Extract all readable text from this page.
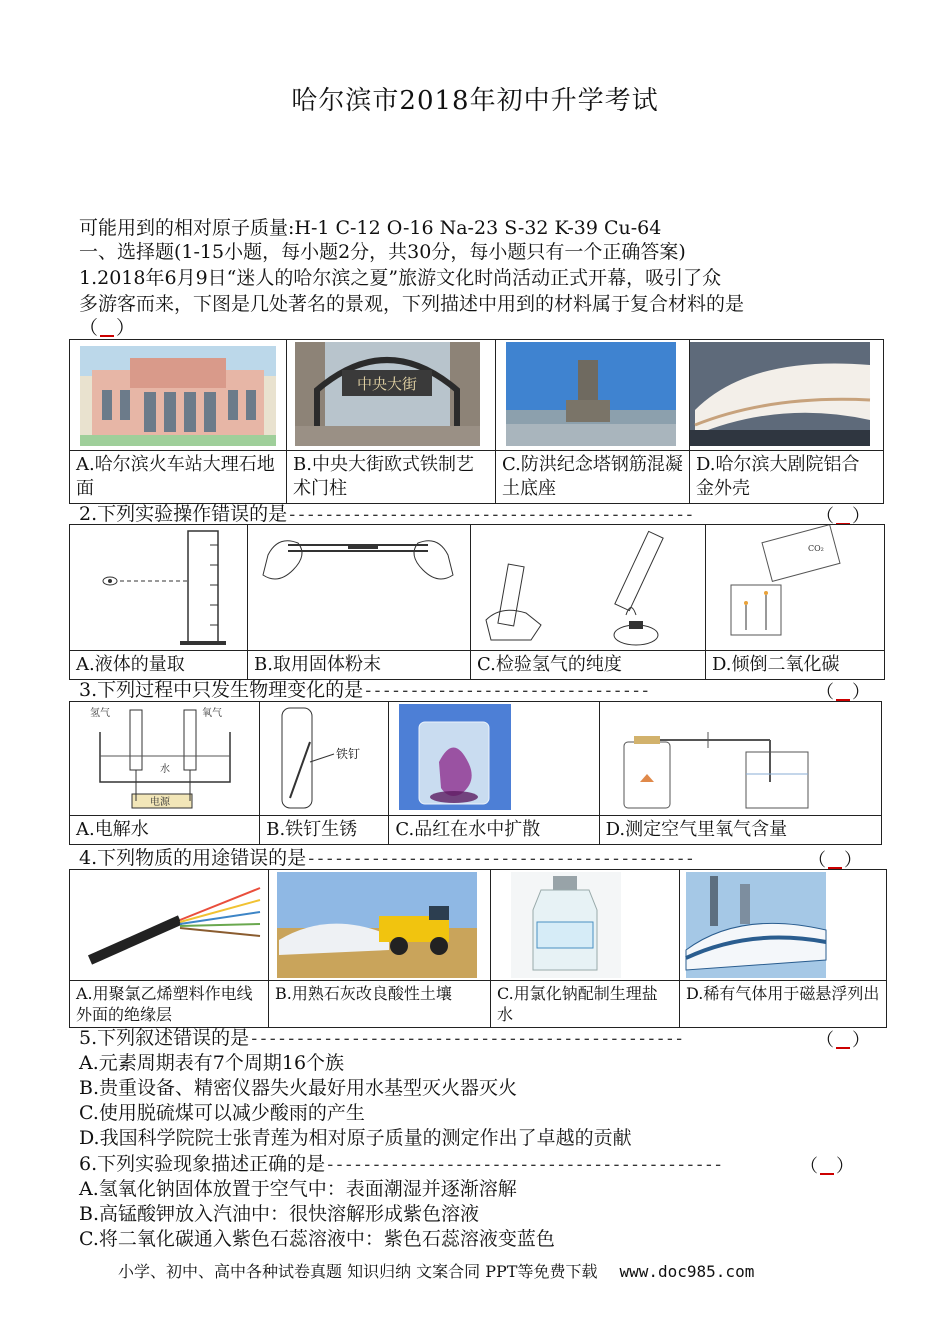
哈尔滨市2018年初中升学考试
可能用到的相对原子质量:H-1 C-12 O-16 Na-23 S-32 K-39 Cu-64
一、选择题(1-15小题，每小题2分，共30分，每小题只有一个正确答案)
1.2018年6月9日“迷人的哈尔滨之夏”旅游文化时尚活动正式开幕，吸引了众
多游客而来，下图是几处著名的景观，下列描述中用到的材料属于复合材料的是
（ ）

中央大街

A.哈尔滨火车站大理石地面	B.中央大街欧式铁制艺术门柱	C.防洪纪念塔钢筋混凝土底座	D.哈尔滨大剧院铝合金外壳
2.下列实验操作错误的是--------------------------------------------	（ ）

CO₂

A.液体的量取	B.取用固体粉末	C.检验氢气的纯度	D.倾倒二氧化碳
3.下列过程中只发生物理变化的是-------------------------------	（ ）
氢气 氧气
水
电源	铁钉

A.电解水	B.铁钉生锈	C.品红在水中扩散	D.测定空气里氧气含量
4.下列物质的用途错误的是------------------------------------------	（ ）

A.用聚氯乙烯塑料作电线外面的绝缘层	B.用熟石灰改良酸性土壤	C.用氯化钠配制生理盐水	D.稀有气体用于磁悬浮列出
5.下列叙述错误的是-----------------------------------------------	（ ）
A.元素周期表有7个周期16个族
B.贵重设备、精密仪器失火最好用水基型灭火器灭火
C.使用脱硫煤可以减少酸雨的产生
D.我国科学院院士张青莲为相对原子质量的测定作出了卓越的贡献
6.下列实验现象描述正确的是-------------------------------------------	（ ）
A.氢氧化钠固体放置于空气中：表面潮湿并逐渐溶解
B.高锰酸钾放入汽油中：很快溶解形成紫色溶液
C.将二氧化碳通入紫色石蕊溶液中：紫色石蕊溶液变蓝色
小学、初中、高中各种试卷真题 知识归纳 文案合同 PPT等免费下载 www.doc985.com
